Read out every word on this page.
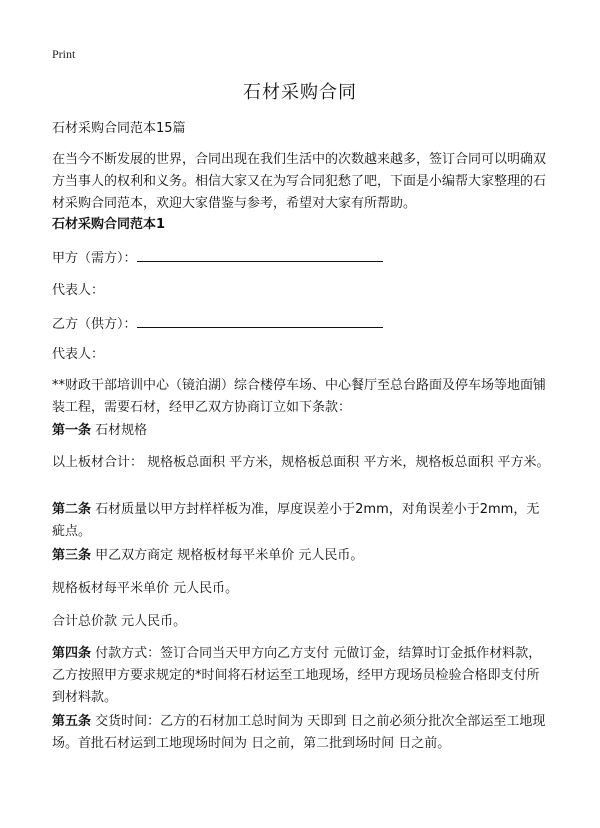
Print
石材采购合同
石材采购合同范本15篇
在当今不断发展的世界，合同出现在我们生活中的次数越来越多，签订合同可以明确双方当事人的权利和义务。相信大家又在为写合同犯愁了吧，下面是小编帮大家整理的石材采购合同范本，欢迎大家借鉴与参考，希望对大家有所帮助。
石材采购合同范本1
甲方（需方）：
代表人：
乙方（供方）：
代表人：
**财政干部培训中心（镜泊湖）综合楼停车场、中心餐厅至总台路面及停车场等地面铺装工程，需要石材，经甲乙双方协商订立如下条款：
第一条 石材规格
以上板材合计： 规格板总面积 平方米，规格板总面积 平方米，规格板总面积 平方米。
第二条 石材质量以甲方封样样板为准，厚度误差小于2mm，对角误差小于2mm，无疵点。
第三条 甲乙双方商定 规格板材每平米单价 元人民币。
规格板材每平米单价 元人民币。
合计总价款 元人民币。
第四条 付款方式：签订合同当天甲方向乙方支付 元做订金，结算时订金抵作材料款，乙方按照甲方要求规定的*时间将石材运至工地现场，经甲方现场员检验合格即支付所到材料款。
第五条 交货时间：乙方的石材加工总时间为 天即到 日之前必须分批次全部运至工地现场。首批石材运到工地现场时间为 日之前，第二批到场时间 日之前。
